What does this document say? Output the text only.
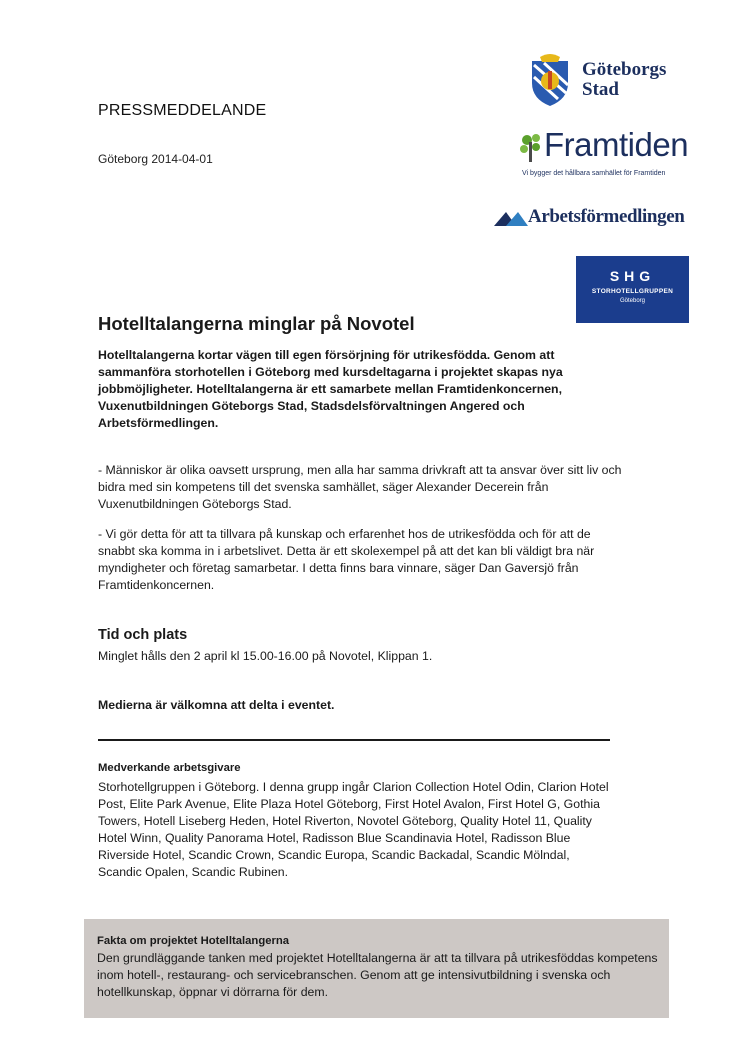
PRESSMEDDELANDE
Göteborg 2014-04-01
Göteborgs
Stad
Framtiden
Vi bygger det hållbara samhället för Framtiden
Arbetsförmedlingen
SHG
STORHOTELLGRUPPEN
Göteborg
Hotelltalangerna minglar på Novotel

Hotelltalangerna kortar vägen till egen försörjning för utrikesfödda. Genom att sammanföra storhotellen i Göteborg med kursdeltagarna i projektet skapas nya jobbmöjligheter. Hotelltalangerna är ett samarbete mellan Framtidenkoncernen, Vuxenutbildningen Göteborgs Stad, Stadsdelsförvaltningen Angered och Arbetsförmedlingen.

- Människor är olika oavsett ursprung, men alla har samma drivkraft att ta ansvar över sitt liv och bidra med sin kompetens till det svenska samhället, säger Alexander Decerein från Vuxenutbildningen Göteborgs Stad.

- Vi gör detta för att ta tillvara på kunskap och erfarenhet hos de utrikesfödda och för att de snabbt ska komma in i arbetslivet. Detta är ett skolexempel på att det kan bli väldigt bra när myndigheter och företag samarbetar. I detta finns bara vinnare, säger Dan Gaversjö från Framtidenkoncernen.

Tid och plats
Minglet hålls den 2 april kl 15.00-16.00 på Novotel, Klippan 1.
Medierna är välkomna att delta i eventet.
Medverkande arbetsgivare

Storhotellgruppen i Göteborg. I denna grupp ingår Clarion Collection Hotel Odin, Clarion Hotel Post, Elite Park Avenue, Elite Plaza Hotel Göteborg, First Hotel Avalon, First Hotel G, Gothia Towers, Hotell Liseberg Heden, Hotel Riverton, Novotel Göteborg, Quality Hotel 11, Quality Hotel Winn, Quality Panorama Hotel, Radisson Blue Scandinavia Hotel, Radisson Blue Riverside Hotel, Scandic Crown, Scandic Europa, Scandic Backadal, Scandic Mölndal, Scandic Opalen, Scandic Rubinen.

Fakta om projektet Hotelltalangerna

Den grundläggande tanken med projektet Hotelltalangerna är att ta tillvara på utrikesföddas kompetens inom hotell-, restaurang- och servicebranschen. Genom att ge intensivutbildning i svenska och hotellkunskap, öppnar vi dörrarna för dem.
